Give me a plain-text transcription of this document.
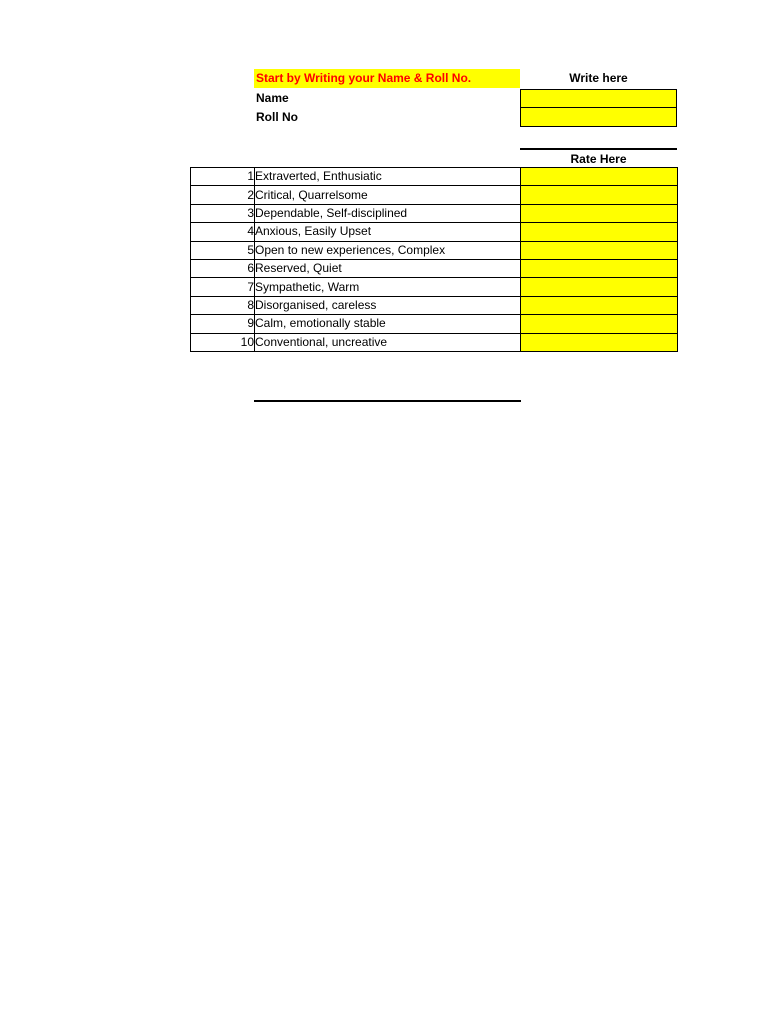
Start by Writing your Name & Roll No.	Write here
Name
Roll No
Rate Here
1	Extraverted, Enthusiatic	
2	Critical, Quarrelsome	
3	Dependable, Self-disciplined	
4	Anxious, Easily Upset	
5	Open to new experiences, Complex	
6	Reserved, Quiet	
7	Sympathetic, Warm	
8	Disorganised, careless	
9	Calm, emotionally stable	
10	Conventional, uncreative	
